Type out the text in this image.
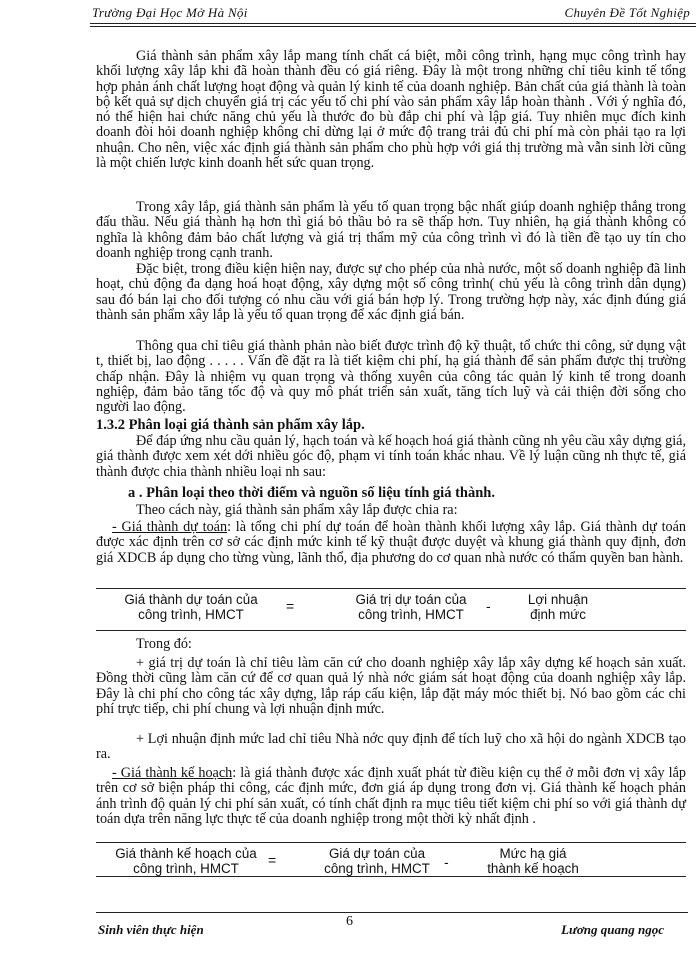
Trường Đại Học Mở Hà Nội	Chuyên Đề Tốt Nghiệp

Giá thành sản phẩm xây lắp mang tính chất cá biệt, mỗi công trình, hạng mục công trình hay khối lượng xây lắp khi đã hoàn thành đều có giá riêng. Đây là một trong những chỉ tiêu kinh tế tổng hợp phản ánh chất lượng hoạt động và quản lý kinh tế của doanh nghiệp. Bản chất của giá thành là toàn bộ kết quả sự dịch chuyển giá trị các yếu tố chi phí vào sản phẩm xây lắp hoàn thành . Với ý nghĩa đó, nó thể hiện hai chức năng chủ yếu là thước đo bù đắp chi phí và lập giá. Tuy nhiên mục đích kinh doanh đòi hỏi doanh nghiệp không chỉ dừng lại ở mức độ trang trải đủ chi phí mà còn phải tạo ra lợi nhuận. Cho nên, việc xác định giá thành sản phẩm cho phù hợp với giá thị trường mà vẫn sinh lời cũng là một chiến lược kinh doanh hết sức quan trọng.

Trong xây lắp, giá thành sản phẩm là yếu tố quan trọng bậc nhất giúp doanh nghiệp thắng trong đấu thầu. Nếu giá thành hạ hơn thì giá bỏ thầu bỏ ra sẽ thấp hơn. Tuy nhiên, hạ giá thành không có nghĩa là không đảm bảo chất lượng và giá trị thẩm mỹ của công trình vì đó là tiền đề tạo uy tín cho doanh nghiệp trong cạnh tranh.

Đặc biệt, trong điều kiện hiện nay, được sự cho phép của nhà nước, một số doanh nghiệp đã linh hoạt, chủ động đa dạng hoá hoạt động, xây dựng một số công trình( chủ yếu là công trình dân dụng) sau đó bán lại cho đối tượng có nhu cầu với giá bán hợp lý. Trong trường hợp này, xác định đúng giá thành sản phẩm xây lắp là yếu tố quan trọng để xác định giá bán.

Thông qua chỉ tiêu giá thành phản nào biết được trình độ kỹ thuật, tổ chức thi công, sử dụng vật t, thiết bị, lao động . . . . . Vấn đề đặt ra là tiết kiệm chi phí, hạ giá thành để sản phẩm được thị trường chấp nhận. Đây là nhiệm vụ quan trọng và thống xuyên của công tác quản lý kinh tế trong doanh nghiệp, đảm bảo tăng tốc độ và quy mô phát triển sản xuất, tăng tích luỹ và cải thiện đời sống cho người lao động.

1.3.2 Phân loại giá thành sản phẩm xây lắp.

Để đáp ứng nhu cầu quản lý, hạch toán và kế hoạch hoá giá thành cũng nh yêu cầu xây dựng giá, giá thành được xem xét dới nhiều góc độ, phạm vi tính toán khác nhau. Về lý luận cũng nh thực tế, giá thành được chia thành nhiều loại nh sau:

a . Phân loại theo thời điểm và nguồn số liệu tính giá thành.

Theo cách này, giá thành sản phẩm xây lắp được chia ra:

- Giá thành dự toán: là tổng chi phí dự toán để hoàn thành khối lượng xây lắp. Giá thành dự toán được xác định trên cơ sở các định mức kinh tế kỹ thuật được duyệt và khung giá thành quy định, đơn giá XDCB áp dụng cho từng vùng, lãnh thổ, địa phương do cơ quan nhà nước có thẩm quyền ban hành.

Giá thành dự toán của
công trình, HMCT
=	Giá trị dự toán của
công trình, HMCT
-	Lợi nhuận
định mức

Trong đó:

+ giá trị dự toán là chỉ tiêu làm căn cứ cho doanh nghiệp xây lắp xây dựng kế hoạch sản xuất. Đồng thời cũng làm căn cứ để cơ quan quả lý nhà nớc giám sát hoạt động của doanh nghiệp xây lắp. Đây là chi phí cho công tác xây dựng, lắp ráp cấu kiện, lắp đặt máy móc thiết bị. Nó bao gồm các chi phí trực tiếp, chi phí chung và lợi nhuận định mức.

+ Lợi nhuận định mức lad chỉ tiêu Nhà nớc quy định để tích luỹ cho xã hội do ngành XDCB tạo ra.

- Giá thành kế hoạch: là giá thành được xác định xuất phát từ điều kiện cụ thể ở mỗi đơn vị xây lắp trên cơ sở biện pháp thi công, các định mức, đơn giá áp dụng trong đơn vị. Giá thành kế hoạch phản ánh trình độ quản lý chi phí sản xuất, có tính chất định ra mục tiêu tiết kiệm chi phí so với giá thành dự toán dựa trên năng lực thực tế của doanh nghiệp trong một thời kỳ nhất định .

Giá thành kế hoạch của
công trình, HMCT
=	Giá dự toán của
công trình, HMCT	-
Mức hạ giá
thành kế hoạch
Sinh viên thực hiện
6
Lương quang ngọc
